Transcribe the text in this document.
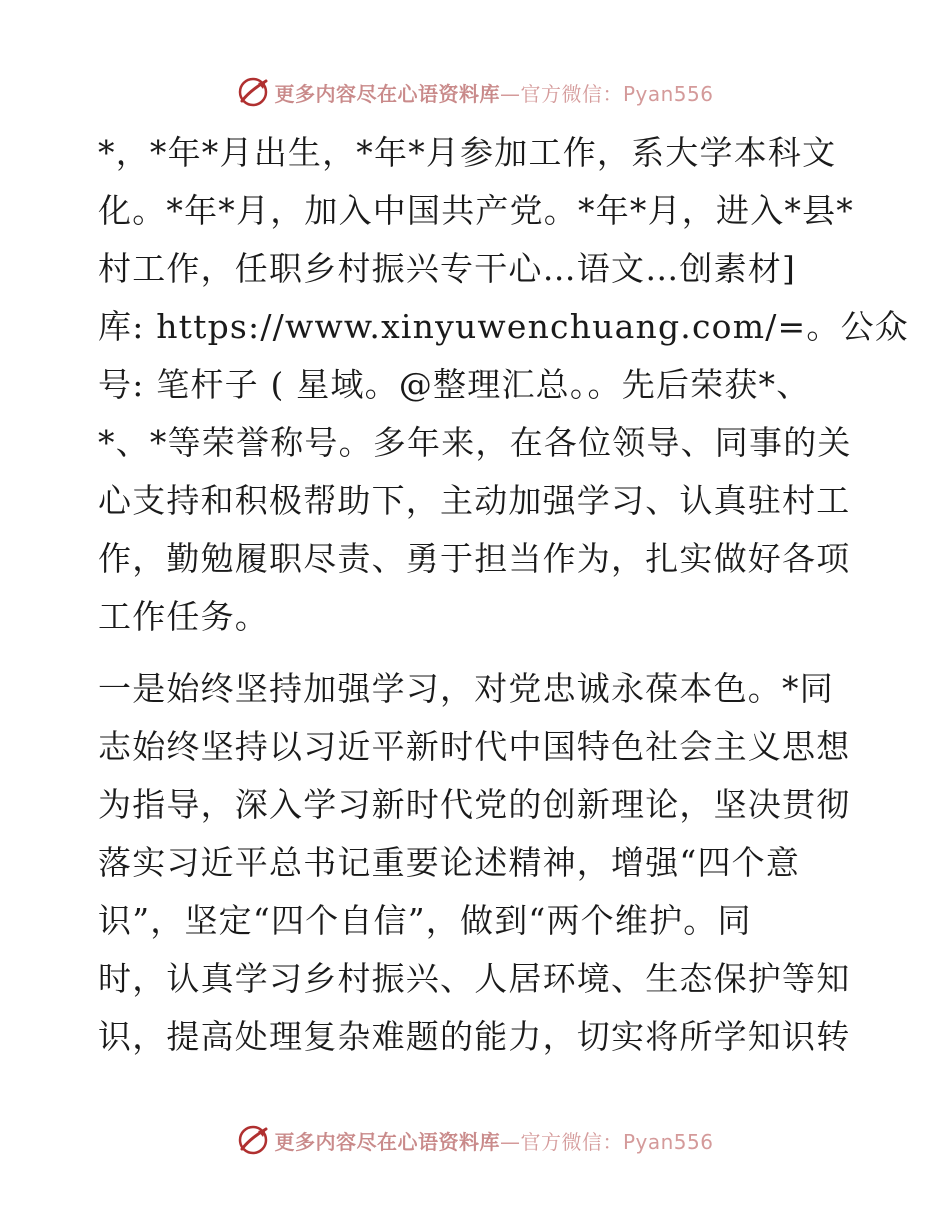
更多内容尽在心语资料库—官方微信：Pyan556

*，*年*月出生，*年*月参加工作，系大学本科文
化。*年*月，加入中国共产党。*年*月，进入*县*
村工作，任职乡村振兴专干心…语文…创素材]
库: https://www.xinyuwenchuang.com/=。公众
号: 笔杆子 ( 星域。@整理汇总。。先后荣获*、
*、*等荣誉称号。多年来，在各位领导、同事的关
心支持和积极帮助下，主动加强学习、认真驻村工
作，勤勉履职尽责、勇于担当作为，扎实做好各项
工作任务。

一是始终坚持加强学习，对党忠诚永葆本色。*同
志始终坚持以习近平新时代中国特色社会主义思想
为指导，深入学习新时代党的创新理论，坚决贯彻
落实习近平总书记重要论述精神，增强“四个意
识”，坚定“四个自信”，做到“两个维护。同
时，认真学习乡村振兴、人居环境、生态保护等知
识，提高处理复杂难题的能力，切实将所学知识转

更多内容尽在心语资料库—官方微信：Pyan556
